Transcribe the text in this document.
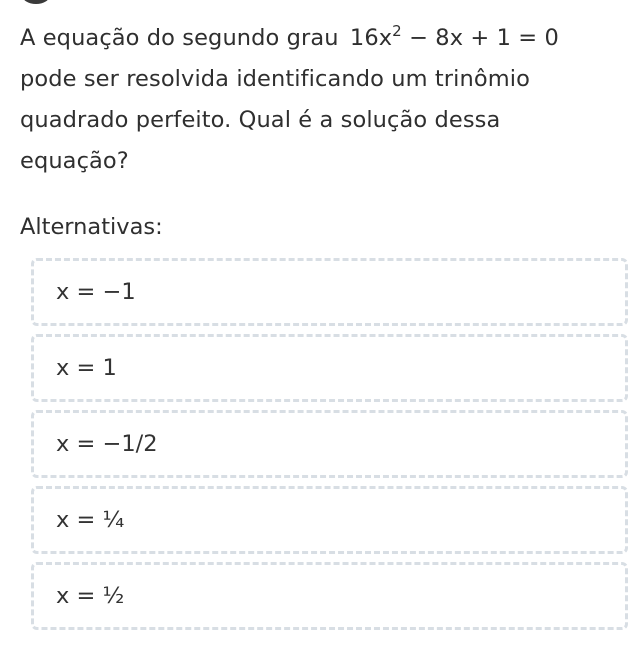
A equação do segundo grau $16x^2 - 8x + 1 = 0$ pode ser resolvida identificando um trinômio quadrado perfeito. Qual é a solução dessa equação?
Alternativas:
x = −1
x = 1
x = −1/2
x = ¼
x = ½
